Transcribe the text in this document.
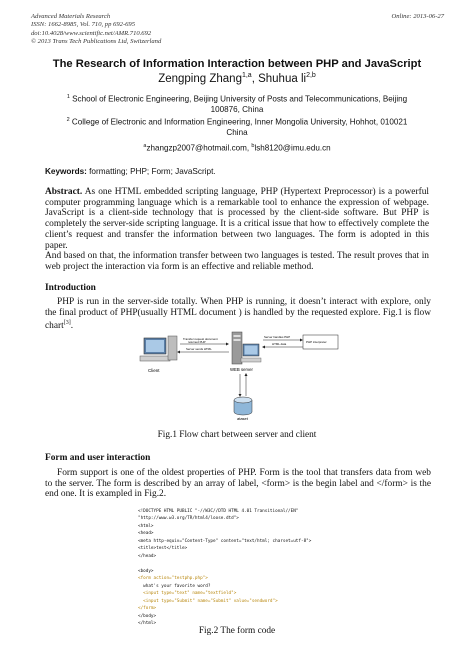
Advanced Materials Research
ISSN: 1662-8985, Vol. 710, pp 692-695
doi:10.4028/www.scientific.net/AMR.710.692
© 2013 Trans Tech Publications Ltd, Switzerland
Online: 2013-06-27
The Research of Information Interaction between PHP and JavaScript
Zengping Zhang$^{1,a}$, Shuhua li$^{2,b}$
$^1$ School of Electronic Engineering, Beijing University of Posts and Telecommunications, Beijing
100876, China
$^2$ College of Electronic and Information Engineering, Inner Mongolia University, Hohhot, 010021
China
$^a$zhangzp2007@hotmail.com, $^b$lsh8120@imu.edu.cn
Keywords: formatting; PHP; Form; JavaScript.
Abstract. As one HTML embedded scripting language, PHP (Hypertext Preprocessor) is a powerful
computer programming language which is a remarkable tool to enhance the expression of webpage.
JavaScript is a client-side technology that is processed by the client-side software. But PHP is
completely the server-side scripting language. It is a critical issue that how to effectively complete the
client’s request and transfer the information between two languages. The form is adopted in this paper.
And based on that, the information transfer between two languages is tested. The result proves that in
web project the interaction via form is an effective and reliable method.
Introduction
PHP is run in the server-side totally. When PHP is running, it doesn’t interact with explore, only
the final product of PHP(usually HTML document ) is handled by the requested explore. Fig.1 is flow
chart[3].
Client
Transfer request document
returned PHP
Server sends HTML
WEB server
Server handles PHP
HTML data	PHP interpreter
ataset
Fig.1 Flow chart between server and client
Form and user interaction
Form support is one of the oldest properties of PHP. Form is the tool that transfers data from web
to the server. The form is described by an array of label, <form> is the begin label and </form> is the
end one. It is exampled in Fig.2.

<!DOCTYPE HTML PUBLIC "-//W3C//DTD HTML 4.01 Transitional//EN"
"http://www.w3.org/TR/html4/loose.dtd">
<html>
<head>
<meta http-equiv="Content-Type" content="text/html; charset=utf-8">
<title>test</title>
</head>
<body>
<form action="testphp.php">
what's your favorite word?
<input type="text" name="textfield">
<input type="Submit" name="Submit" value="sendword">
</form>
</body>
</html>

Fig.2 The form code
